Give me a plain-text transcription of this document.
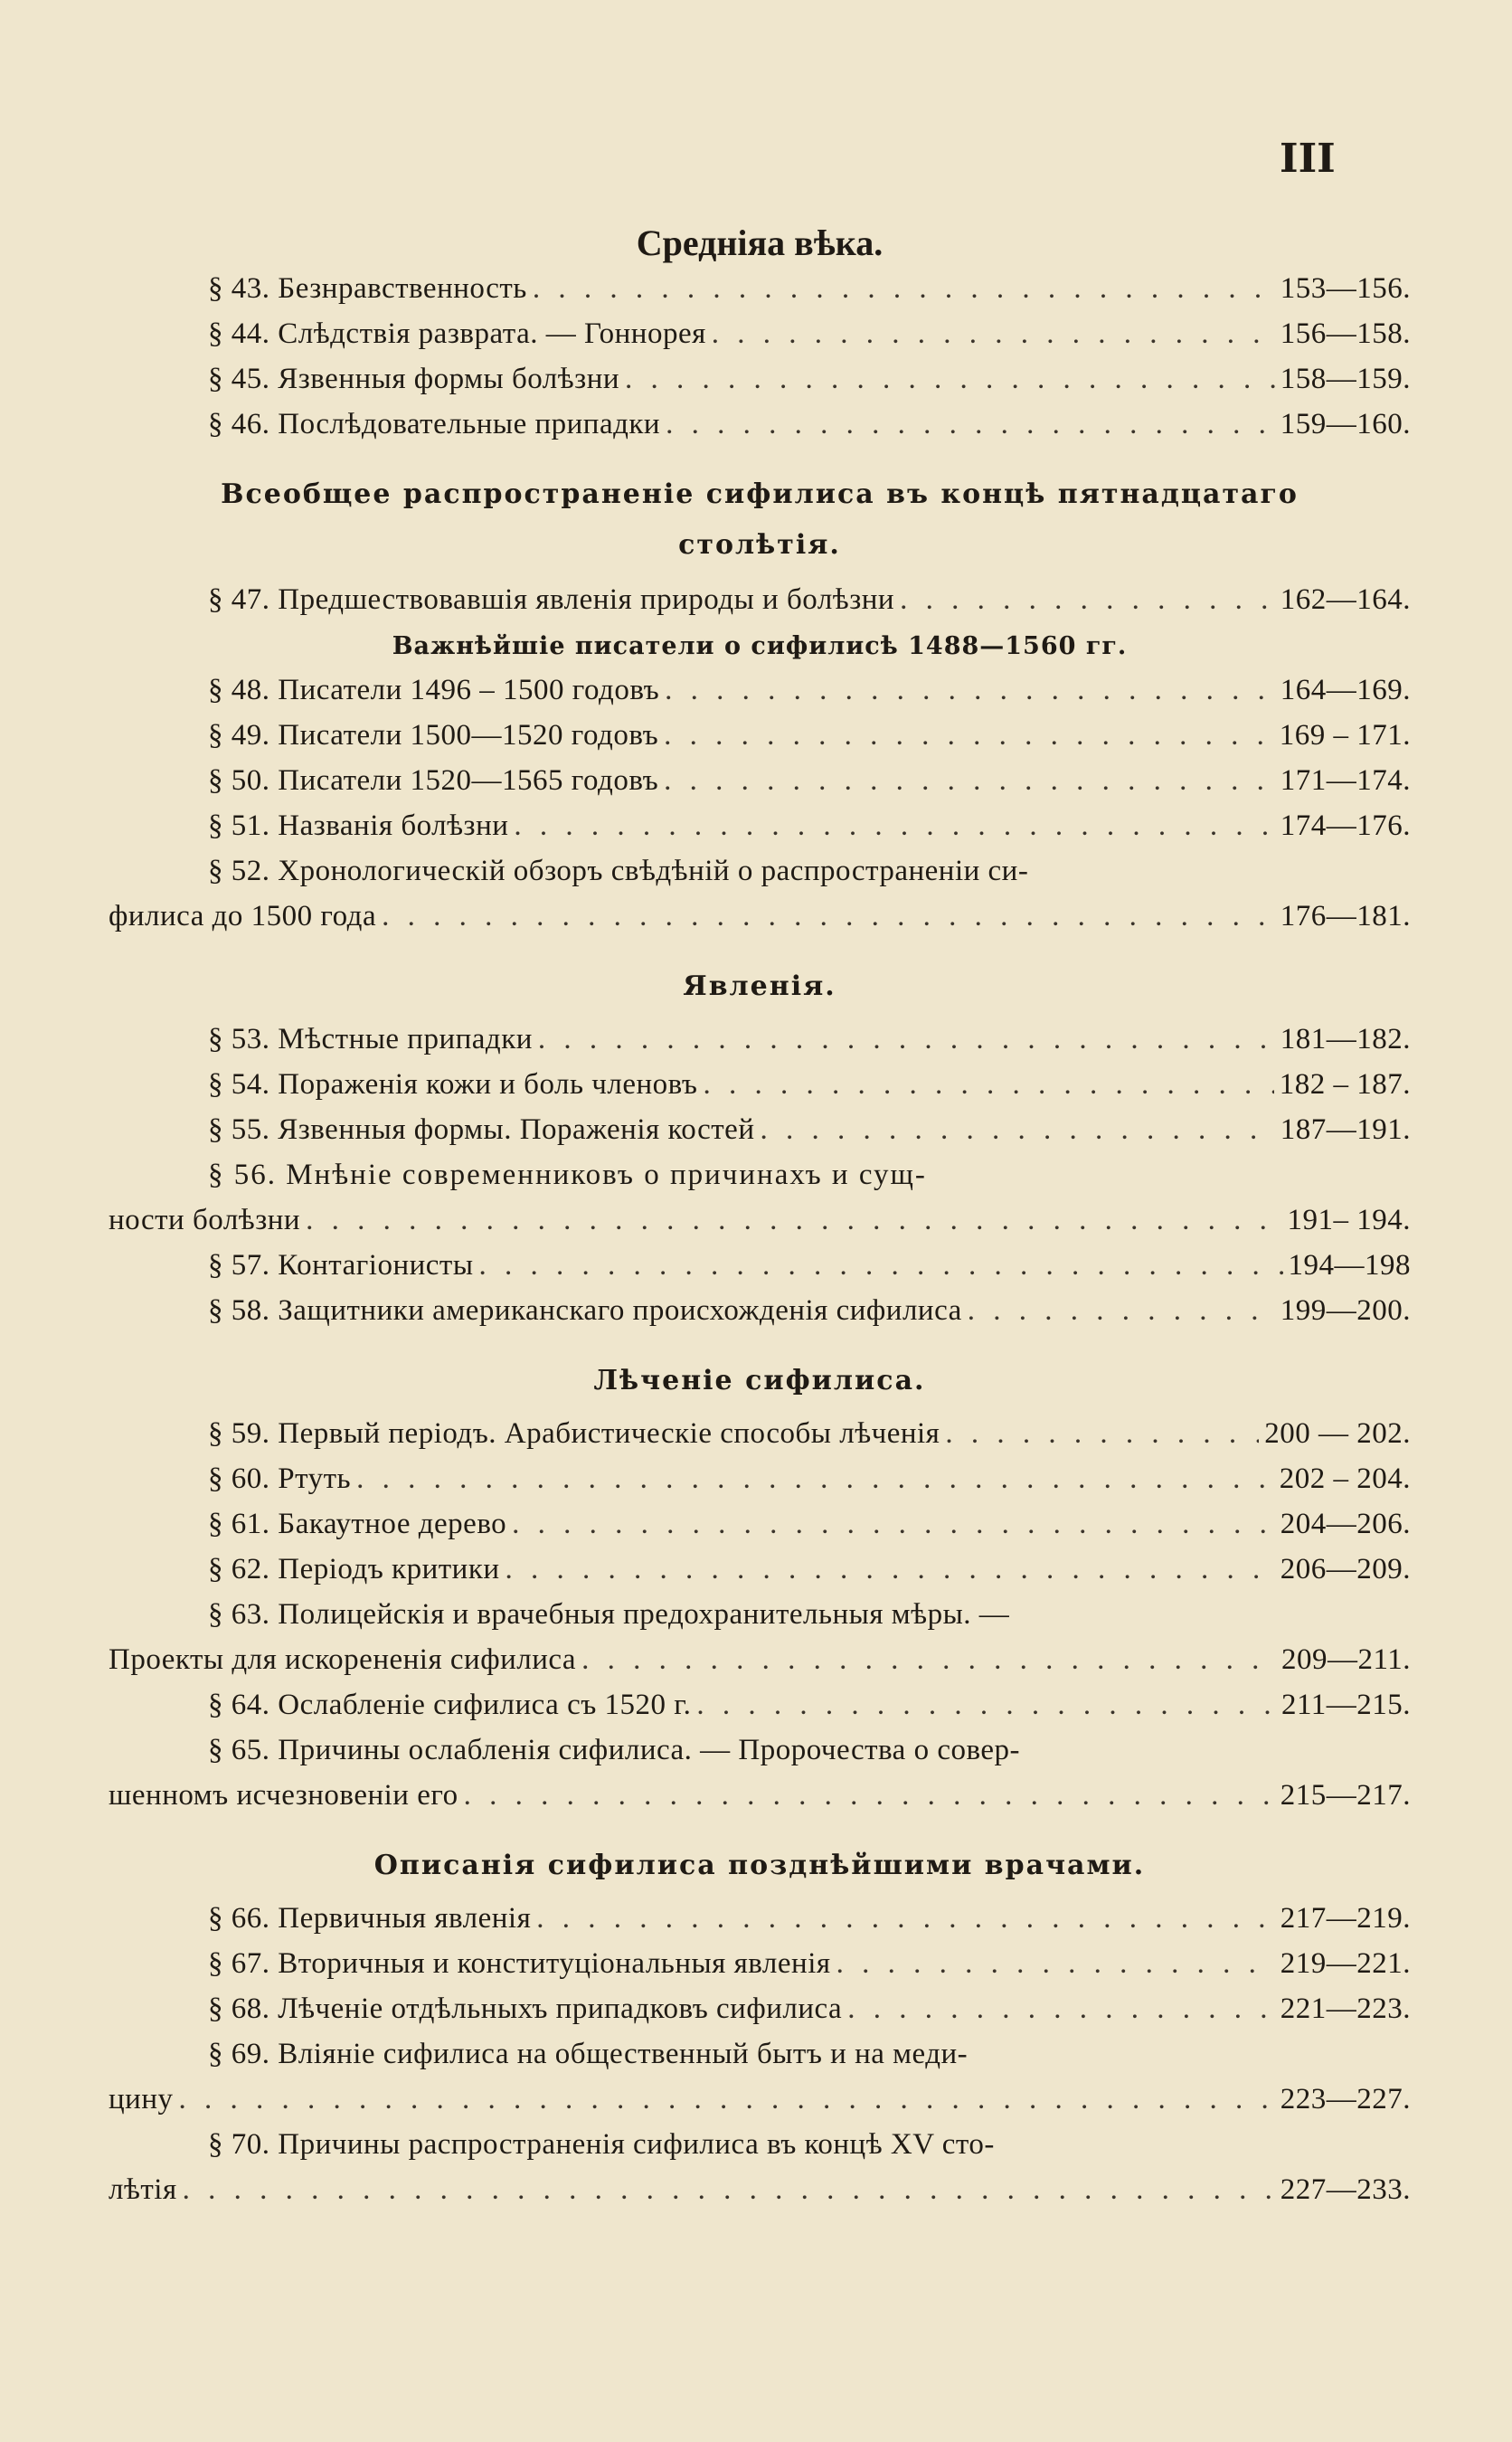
III
Средніяа вѣка.
§ 43. Безнравственность . . .	153—156.
§ 44. Слѣдствія разврата. — Гоннорея . . .	156—158.
§ 45. Язвенныя формы болѣзни . . .	158—159.
§ 46. Послѣдовательные припадки . . .	159—160.
Всеобщее распространеніе сифилиса въ концѣ пятнадцатаго
столѣтія.
§ 47. Предшествовавшія явленія природы и болѣзни . . .	162—164.
Важнѣйшіе писатели о сифилисѣ 1488—1560 гг.
§ 48. Писатели 1496 – 1500 годовъ . . .	164—169.
§ 49. Писатели 1500—1520 годовъ . . .	169 – 171.
§ 50. Писатели 1520—1565 годовъ . . .	171—174.
§ 51. Названія болѣзни . . .	174—176.
§ 52. Хронологическій обзоръ свѣдѣній о распространеніи си-
филиса до 1500 года . . .	176—181.
Явленія.
§ 53. Мѣстные припадки . . .	181—182.
§ 54. Пораженія кожи и боль членовъ . . .	182 – 187.
§ 55. Язвенныя формы. Пораженія костей . . .	187—191.
§ 56. Мнѣніе современниковъ о причинахъ и сущ-
ности болѣзни . . .	191– 194.
§ 57. Контагіонисты . . .	194—198
§ 58. Защитники американскаго происхожденія сифилиса . . .	199—200.
Лѣченіе сифилиса.
§ 59. Первый періодъ. Арабистическіе способы лѣченія . . .	200 — 202.
§ 60. Ртуть . . .	202 – 204.
§ 61. Бакаутное дерево . . .	204—206.
§ 62. Періодъ критики . . .	206—209.
§ 63. Полицейскія и врачебныя предохранительныя мѣры. —
Проекты для искорененія сифилиса . . .	209—211.
§ 64. Ослабленіе сифилиса съ 1520 г. . . .	211—215.
§ 65. Причины ослабленія сифилиса. — Пророчества о совер-
шенномъ исчезновеніи его . . .	215—217.
Описанія сифилиса позднѣйшими врачами.
§ 66. Первичныя явленія . . .	217—219.
§ 67. Вторичныя и конституціональныя явленія . . .	219—221.
§ 68. Лѣченіе отдѣльныхъ припадковъ сифилиса . . .	221—223.
§ 69. Вліяніе сифилиса на общественный бытъ и на меди-
цину . . .	223—227.
§ 70. Причины распространенія сифилиса въ концѣ XV сто-
лѣтія . . .	227—233.
